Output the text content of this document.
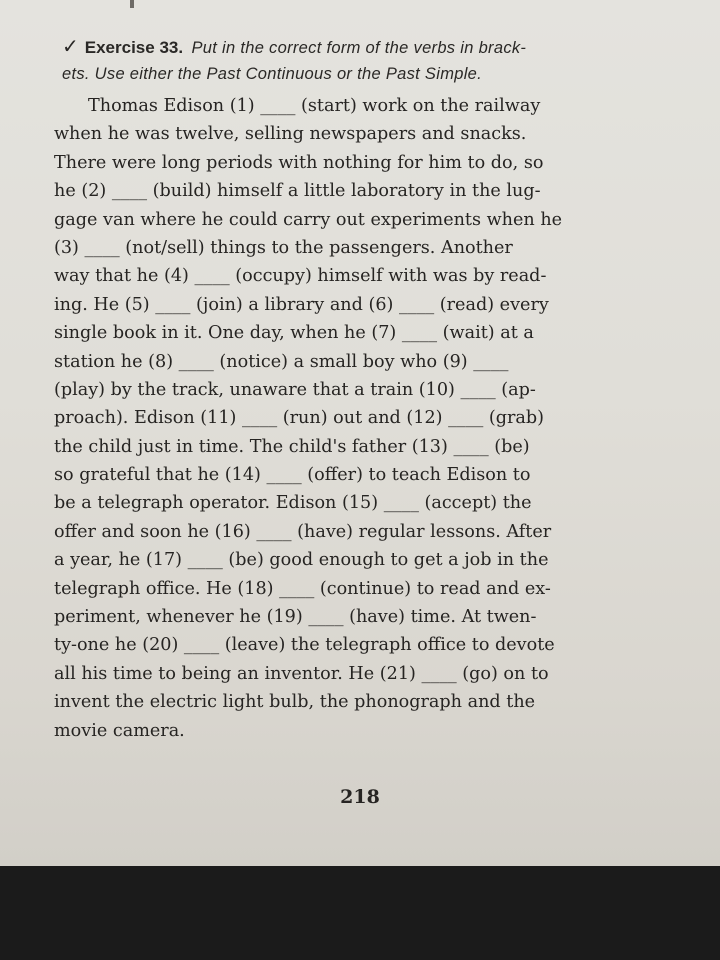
✓ Exercise 33. Put in the correct form of the verbs in brack-
ets. Use either the Past Continuous or the Past Simple.
Thomas Edison (1) ____ (start) work on the railway
when he was twelve, selling newspapers and snacks.
There were long periods with nothing for him to do, so
he (2) ____ (build) himself a little laboratory in the lug-
gage van where he could carry out experiments when he
(3) ____ (not/sell) things to the passengers. Another
way that he (4) ____ (occupy) himself with was by read-
ing. He (5) ____ (join) a library and (6) ____ (read) every
single book in it. One day, when he (7) ____ (wait) at a
station he (8) ____ (notice) a small boy who (9) ____
(play) by the track, unaware that a train (10) ____ (ap-
proach). Edison (11) ____ (run) out and (12) ____ (grab)
the child just in time. The child's father (13) ____ (be)
so grateful that he (14) ____ (offer) to teach Edison to
be a telegraph operator. Edison (15) ____ (accept) the
offer and soon he (16) ____ (have) regular lessons. After
a year, he (17) ____ (be) good enough to get a job in the
telegraph office. He (18) ____ (continue) to read and ex-
periment, whenever he (19) ____ (have) time. At twen-
ty-one he (20) ____ (leave) the telegraph office to devote
all his time to being an inventor. He (21) ____ (go) on to
invent the electric light bulb, the phonograph and the
movie camera.
218
